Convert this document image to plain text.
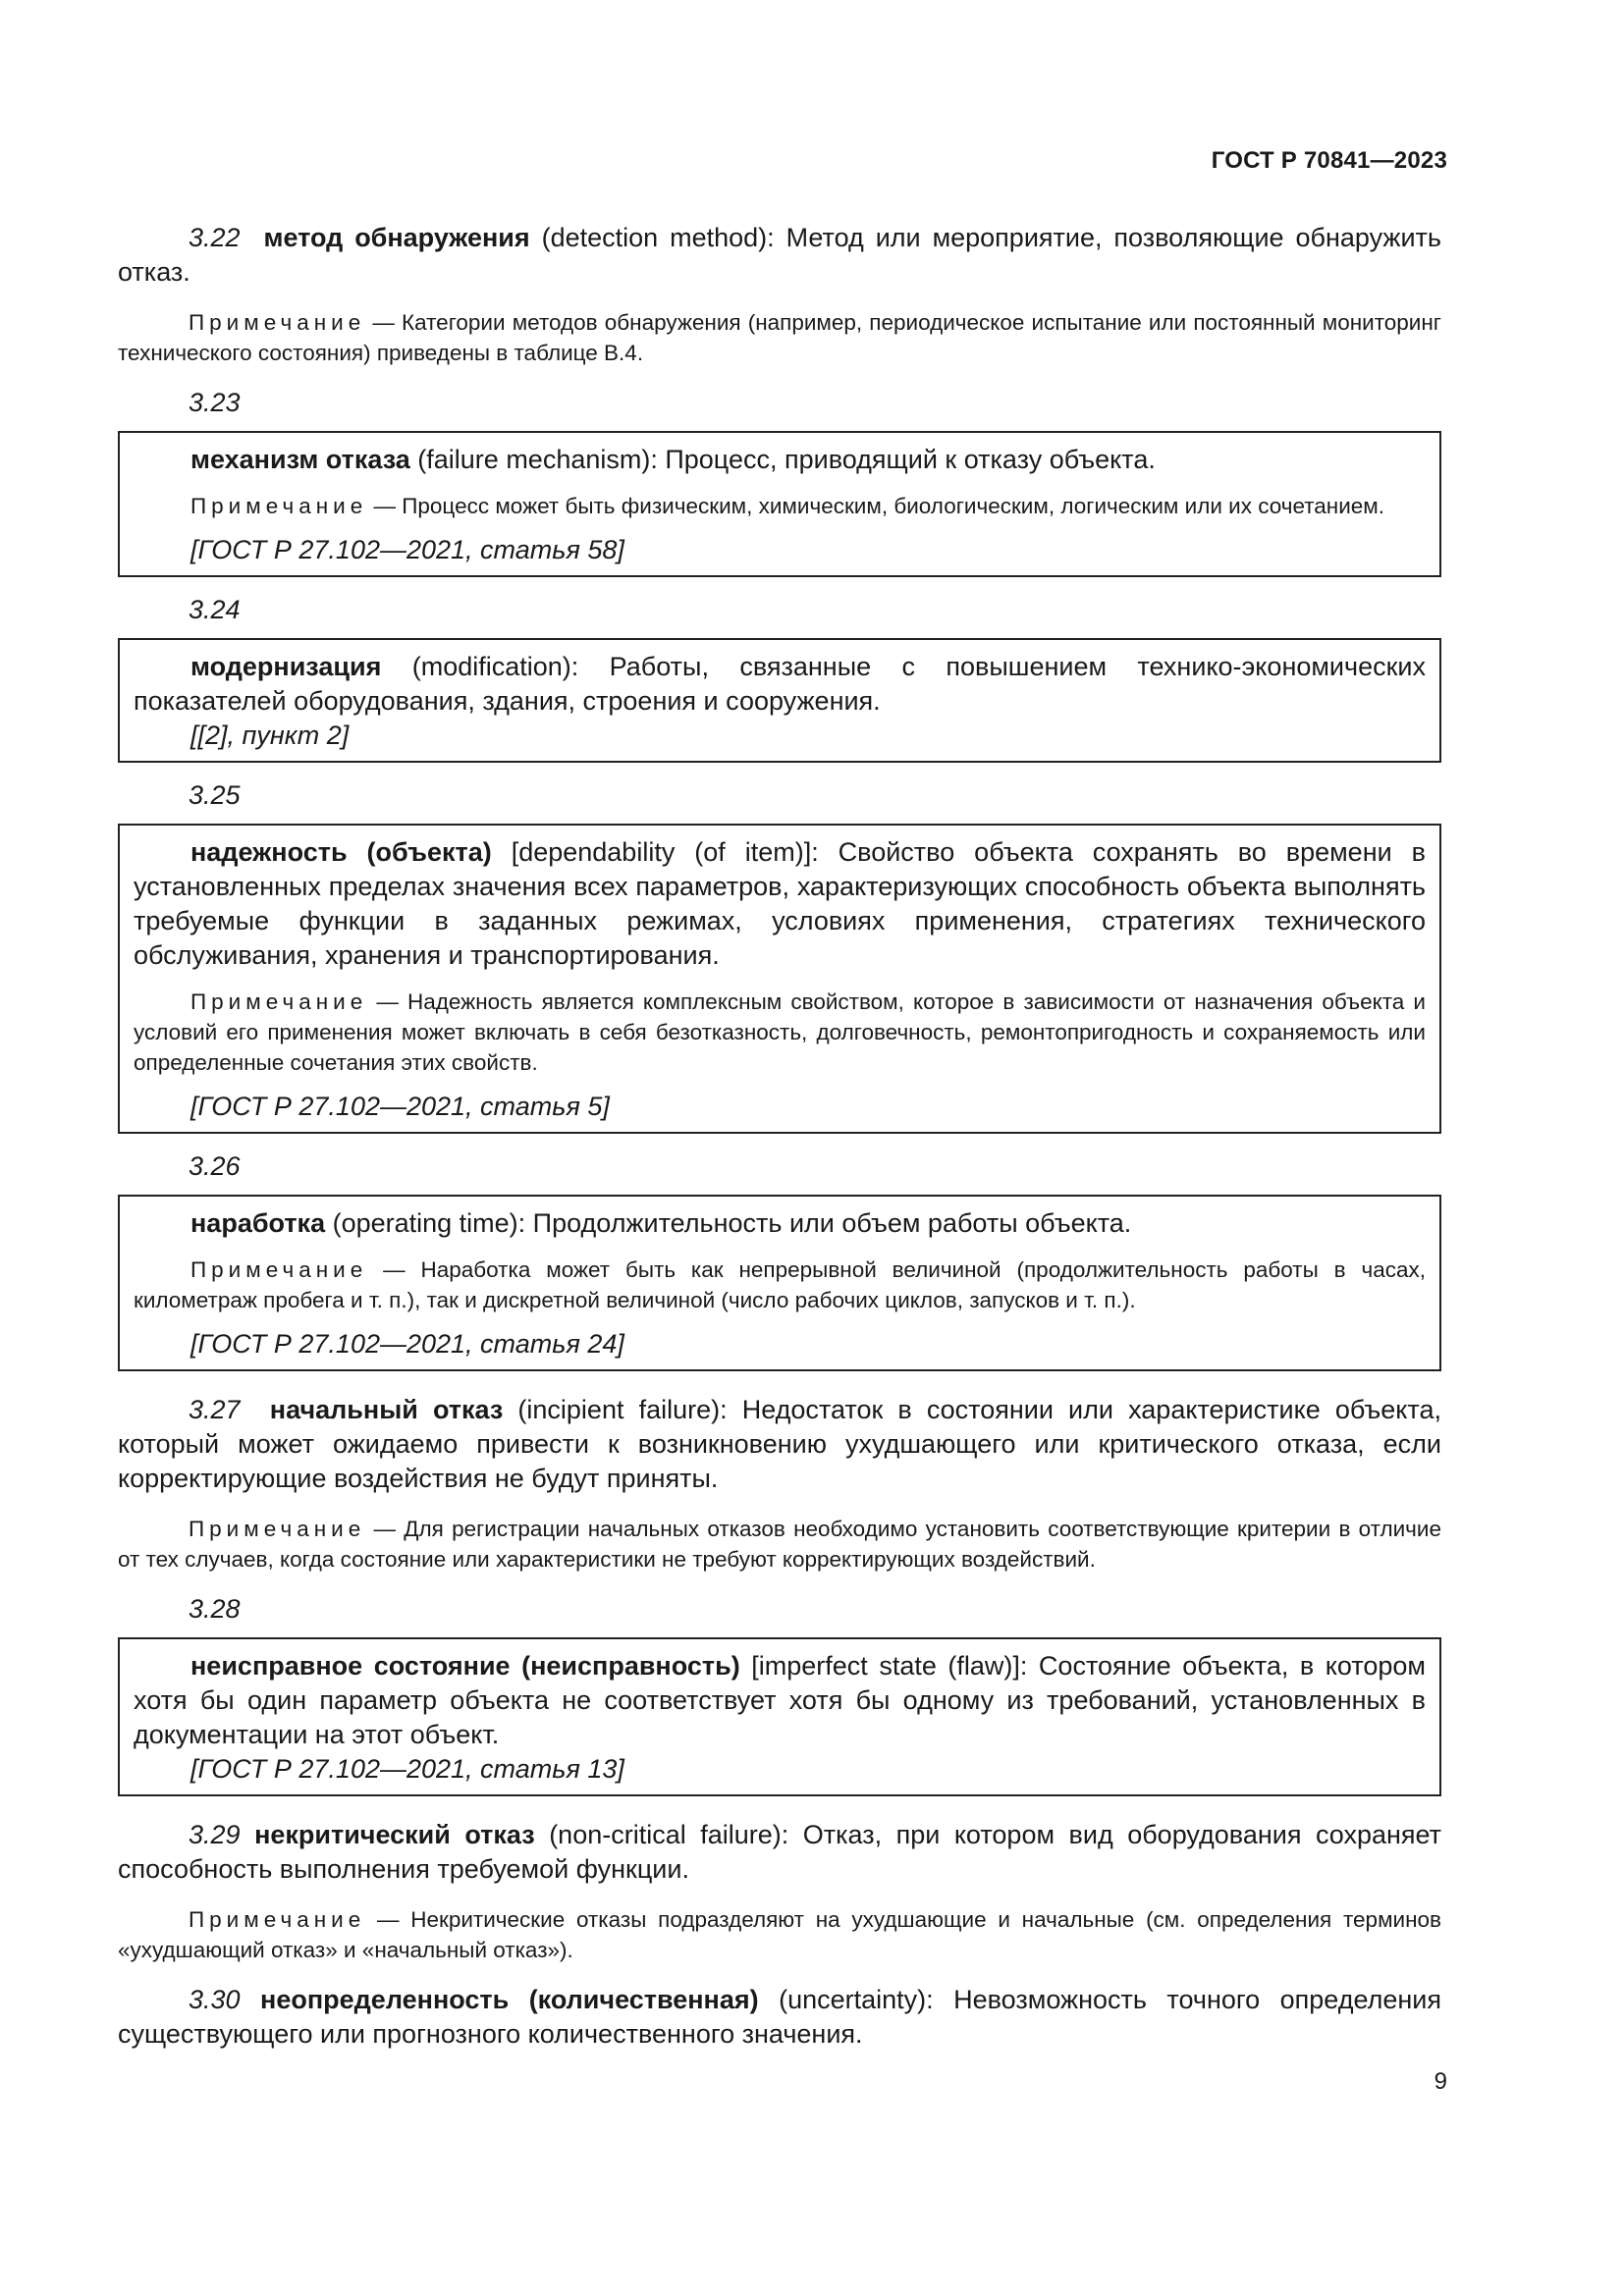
ГОСТ Р 70841—2023

3.22 метод обнаружения (detection method): Метод или мероприятие, позволяющие обнаружить отказ.

Примечание — Категории методов обнаружения (например, периодическое испытание или постоянный мониторинг технического состояния) приведены в таблице В.4.

3.23

механизм отказа (failure mechanism): Процесс, приводящий к отказу объекта.

Примечание — Процесс может быть физическим, химическим, биологическим, логическим или их сочетанием.

[ГОСТ Р 27.102—2021, статья 58]

3.24

модернизация (modification): Работы, связанные с повышением технико-экономических показателей оборудования, здания, строения и сооружения.

[[2], пункт 2]

3.25

надежность (объекта) [dependability (of item)]: Свойство объекта сохранять во времени в установленных пределах значения всех параметров, характеризующих способность объекта выполнять требуемые функции в заданных режимах, условиях применения, стратегиях технического обслуживания, хранения и транспортирования.

Примечание — Надежность является комплексным свойством, которое в зависимости от назначения объекта и условий его применения может включать в себя безотказность, долговечность, ремонтопригодность и сохраняемость или определенные сочетания этих свойств.

[ГОСТ Р 27.102—2021, статья 5]

3.26

наработка (operating time): Продолжительность или объем работы объекта.

Примечание — Наработка может быть как непрерывной величиной (продолжительность работы в часах, километраж пробега и т. п.), так и дискретной величиной (число рабочих циклов, запусков и т. п.).

[ГОСТ Р 27.102—2021, статья 24]

3.27 начальный отказ (incipient failure): Недостаток в состоянии или характеристике объекта, который может ожидаемо привести к возникновению ухудшающего или критического отказа, если корректирующие воздействия не будут приняты.

Примечание — Для регистрации начальных отказов необходимо установить соответствующие критерии в отличие от тех случаев, когда состояние или характеристики не требуют корректирующих воздействий.

3.28

неисправное состояние (неисправность) [imperfect state (flaw)]: Состояние объекта, в котором хотя бы один параметр объекта не соответствует хотя бы одному из требований, установленных в документации на этот объект.

[ГОСТ Р 27.102—2021, статья 13]

3.29 некритический отказ (non-critical failure): Отказ, при котором вид оборудования сохраняет способность выполнения требуемой функции.

Примечание — Некритические отказы подразделяют на ухудшающие и начальные (см. определения терминов «ухудшающий отказ» и «начальный отказ»).

3.30 неопределенность (количественная) (uncertainty): Невозможность точного определения существующего или прогнозного количественного значения.

9
